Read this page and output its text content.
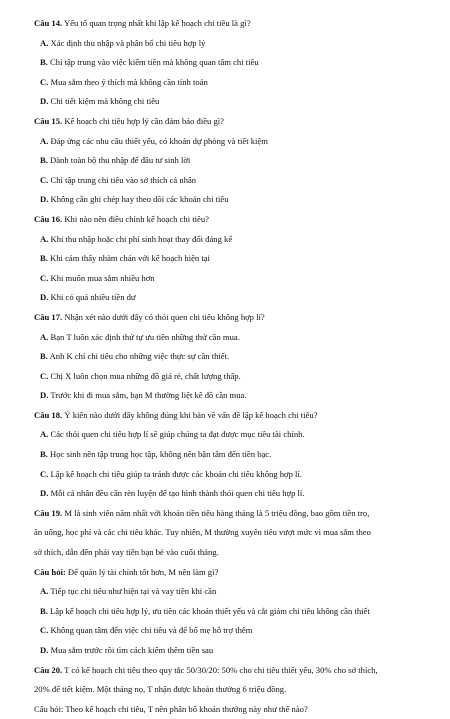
Câu 14. Yếu tố quan trọng nhất khi lập kế hoạch chi tiêu là gì?
A. Xác định thu nhập và phân bổ chi tiêu hợp lý
B. Chỉ tập trung vào việc kiếm tiền mà không quan tâm chi tiêu
C. Mua sắm theo ý thích mà không cần tính toán
D. Chi tiết kiệm mà không chi tiêu
Câu 15. Kế hoạch chi tiêu hợp lý cần đảm bảo điều gì?
A. Đáp ứng các nhu cầu thiết yếu, có khoản dự phòng và tiết kiệm
B. Dành toàn bộ thu nhập để đầu tư sinh lời
C. Chỉ tập trung chi tiêu vào sở thích cá nhân
D. Không cần ghi chép hay theo dõi các khoản chi tiêu
Câu 16. Khi nào nên điều chỉnh kế hoạch chi tiêu?
A. Khi thu nhập hoặc chi phí sinh hoạt thay đổi đáng kể
B. Khi cảm thấy nhàm chán với kế hoạch hiện tại
C. Khi muốn mua sắm nhiều hơn
D. Khi có quá nhiều tiền dư
Câu 17. Nhận xét nào dưới đây có thói quen chi tiêu không hợp lí?
A. Bạn T luôn xác định thứ tự ưu tiên những thứ cần mua.
B. Anh K chỉ chi tiêu cho những việc thực sự cần thiết.
C. Chị X luôn chọn mua những đồ giá rẻ, chất lượng thấp.
D. Trước khi đi mua sắm, bạn M thường liệt kê đồ cần mua.
Câu 18. Ý kiến nào dưới đây không đúng khi bàn về vấn đề lập kế hoạch chi tiêu?
A. Các thói quen chi tiêu hợp lí sẽ giúp chúng ta đạt được mục tiêu tài chính.
B. Học sinh nên tập trung học tập, không nên bận tâm đến tiền bạc.
C. Lập kế hoạch chi tiêu giúp ta tránh được các khoản chi tiêu không hợp lí.
D. Mỗi cá nhân đều cần rèn luyện để tạo hình thành thói quen chi tiêu hợp lí.
Câu 19. M là sinh viên năm nhất với khoản tiền tiêu hàng tháng là 5 triệu đồng, bao gồm tiền trọ,
ăn uống, học phí và các chi tiêu khác. Tuy nhiên, M thường xuyên tiêu vượt mức vì mua sắm theo
sở thích, dẫn đến phải vay tiền bạn bè vào cuối tháng.
Câu hỏi: Để quản lý tài chính tốt hơn, M nên làm gì?
A. Tiếp tục chi tiêu như hiện tại và vay tiền khi cần
B. Lập kế hoạch chi tiêu hợp lý, ưu tiên các khoản thiết yếu và cắt giảm chi tiêu không cần thiết
C. Không quan tâm đến việc chi tiêu và để bố mẹ hỗ trợ thêm
D. Mua sắm trước rồi tìm cách kiếm thêm tiền sau
Câu 20. T có kế hoạch chi tiêu theo quy tắc 50/30/20: 50% cho chi tiêu thiết yếu, 30% cho sở thích,
20% để tiết kiệm. Một tháng nọ, T nhận được khoản thưởng 6 triệu đồng.
Câu hỏi: Theo kế hoạch chi tiêu, T nên phân bổ khoản thưởng này như thế nào?
